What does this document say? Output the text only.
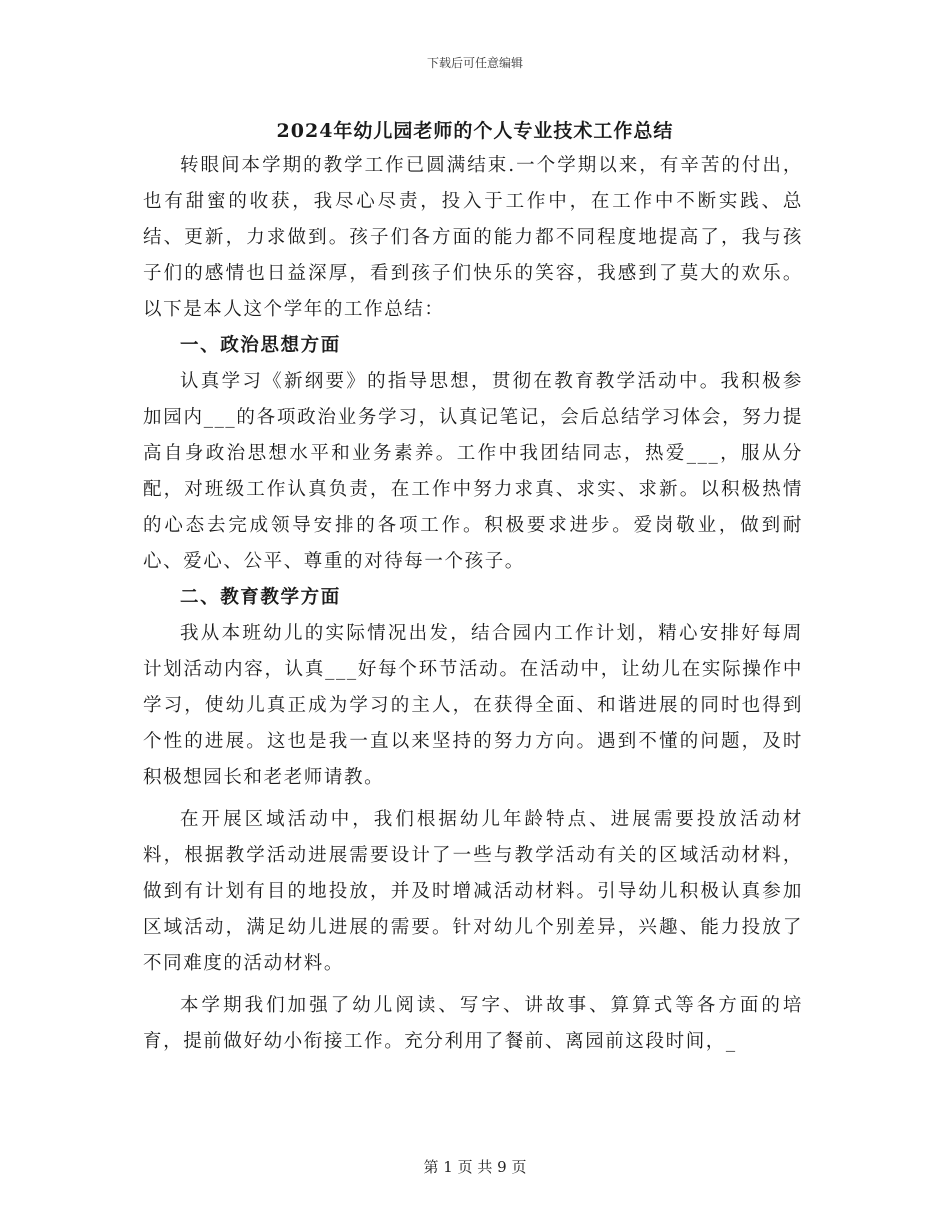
下载后可任意编辑
2024年幼儿园老师的个人专业技术工作总结

转眼间本学期的教学工作已圆满结束.一个学期以来，有辛苦的付出，也有甜蜜的收获，我尽心尽责，投入于工作中，在工作中不断实践、总结、更新，力求做到。孩子们各方面的能力都不同程度地提高了，我与孩子们的感情也日益深厚，看到孩子们快乐的笑容，我感到了莫大的欢乐。以下是本人这个学年的工作总结：

一、政治思想方面

认真学习《新纲要》的指导思想，贯彻在教育教学活动中。我积极参加园内___的各项政治业务学习，认真记笔记，会后总结学习体会，努力提高自身政治思想水平和业务素养。工作中我团结同志，热爱___，服从分配，对班级工作认真负责，在工作中努力求真、求实、求新。以积极热情的心态去完成领导安排的各项工作。积极要求进步。爱岗敬业，做到耐心、爱心、公平、尊重的对待每一个孩子。

二、教育教学方面

我从本班幼儿的实际情况出发，结合园内工作计划，精心安排好每周计划活动内容，认真___好每个环节活动。在活动中，让幼儿在实际操作中学习，使幼儿真正成为学习的主人，在获得全面、和谐进展的同时也得到个性的进展。这也是我一直以来坚持的努力方向。遇到不懂的问题，及时积极想园长和老老师请教。

在开展区域活动中，我们根据幼儿年龄特点、进展需要投放活动材料，根据教学活动进展需要设计了一些与教学活动有关的区域活动材料，做到有计划有目的地投放，并及时增减活动材料。引导幼儿积极认真参加区域活动，满足幼儿进展的需要。针对幼儿个别差异，兴趣、能力投放了不同难度的活动材料。

本学期我们加强了幼儿阅读、写字、讲故事、算算式等各方面的培育，提前做好幼小衔接工作。充分利用了餐前、离园前这段时间，_

第 1 页 共 9 页
